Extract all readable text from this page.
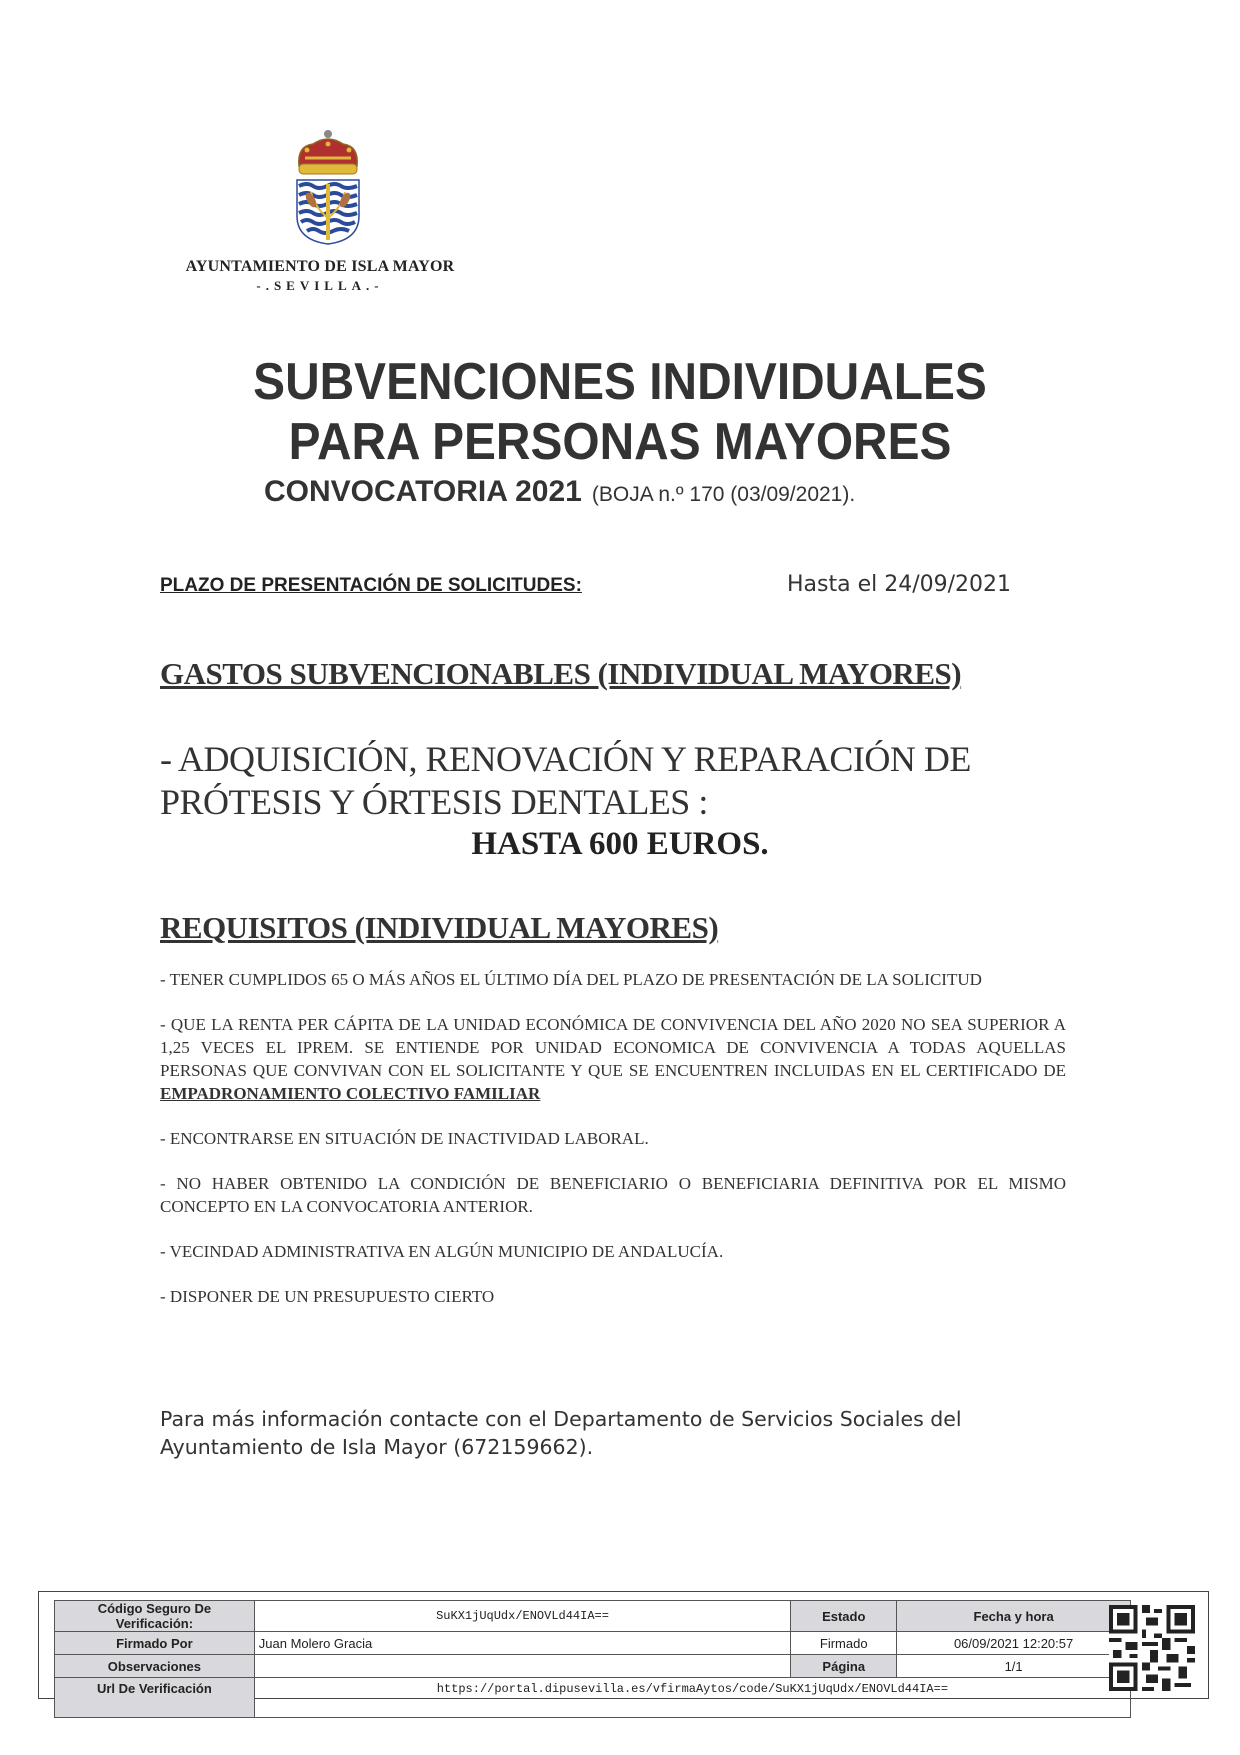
AYUNTAMIENTO DE ISLA MAYOR
-.SEVILLA.-
SUBVENCIONES INDIVIDUALES
PARA PERSONAS MAYORES
CONVOCATORIA 2021 (BOJA n.º 170 (03/09/2021).
PLAZO DE PRESENTACIÓN DE SOLICITUDES:	Hasta el 24/09/2021
GASTOS SUBVENCIONABLES (INDIVIDUAL MAYORES)
- ADQUISICIÓN, RENOVACIÓN Y REPARACIÓN DE PRÓTESIS Y ÓRTESIS DENTALES :
HASTA 600 EUROS.
REQUISITOS (INDIVIDUAL MAYORES)
- TENER CUMPLIDOS 65 O MÁS AÑOS EL ÚLTIMO DÍA DEL PLAZO DE PRESENTACIÓN DE LA SOLICITUD
- QUE LA RENTA PER CÁPITA DE LA UNIDAD ECONÓMICA DE CONVIVENCIA DEL AÑO 2020 NO SEA SUPERIOR A 1,25 VECES EL IPREM. SE ENTIENDE POR UNIDAD ECONOMICA DE CONVIVENCIA A TODAS AQUELLAS PERSONAS QUE CONVIVAN CON EL SOLICITANTE Y QUE SE ENCUENTREN INCLUIDAS EN EL CERTIFICADO DE EMPADRONAMIENTO COLECTIVO FAMILIAR
- ENCONTRARSE EN SITUACIÓN DE INACTIVIDAD LABORAL.
- NO HABER OBTENIDO LA CONDICIÓN DE BENEFICIARIO O BENEFICIARIA DEFINITIVA POR EL MISMO CONCEPTO EN LA CONVOCATORIA ANTERIOR.
- VECINDAD ADMINISTRATIVA EN ALGÚN MUNICIPIO DE ANDALUCÍA.
- DISPONER DE UN PRESUPUESTO CIERTO
Para más información contacte con el Departamento de Servicios Sociales del Ayuntamiento de Isla Mayor (672159662).
Código Seguro De Verificación:	SuKX1jUqUdx/ENOVLd44IA==	Estado	Fecha y hora
Firmado Por	Juan Molero Gracia	Firmado	06/09/2021 12:20:57
Observaciones		Página	1/1
Url De Verificación	https://portal.dipusevilla.es/vfirmaAytos/code/SuKX1jUqUdx/ENOVLd44IA==		
